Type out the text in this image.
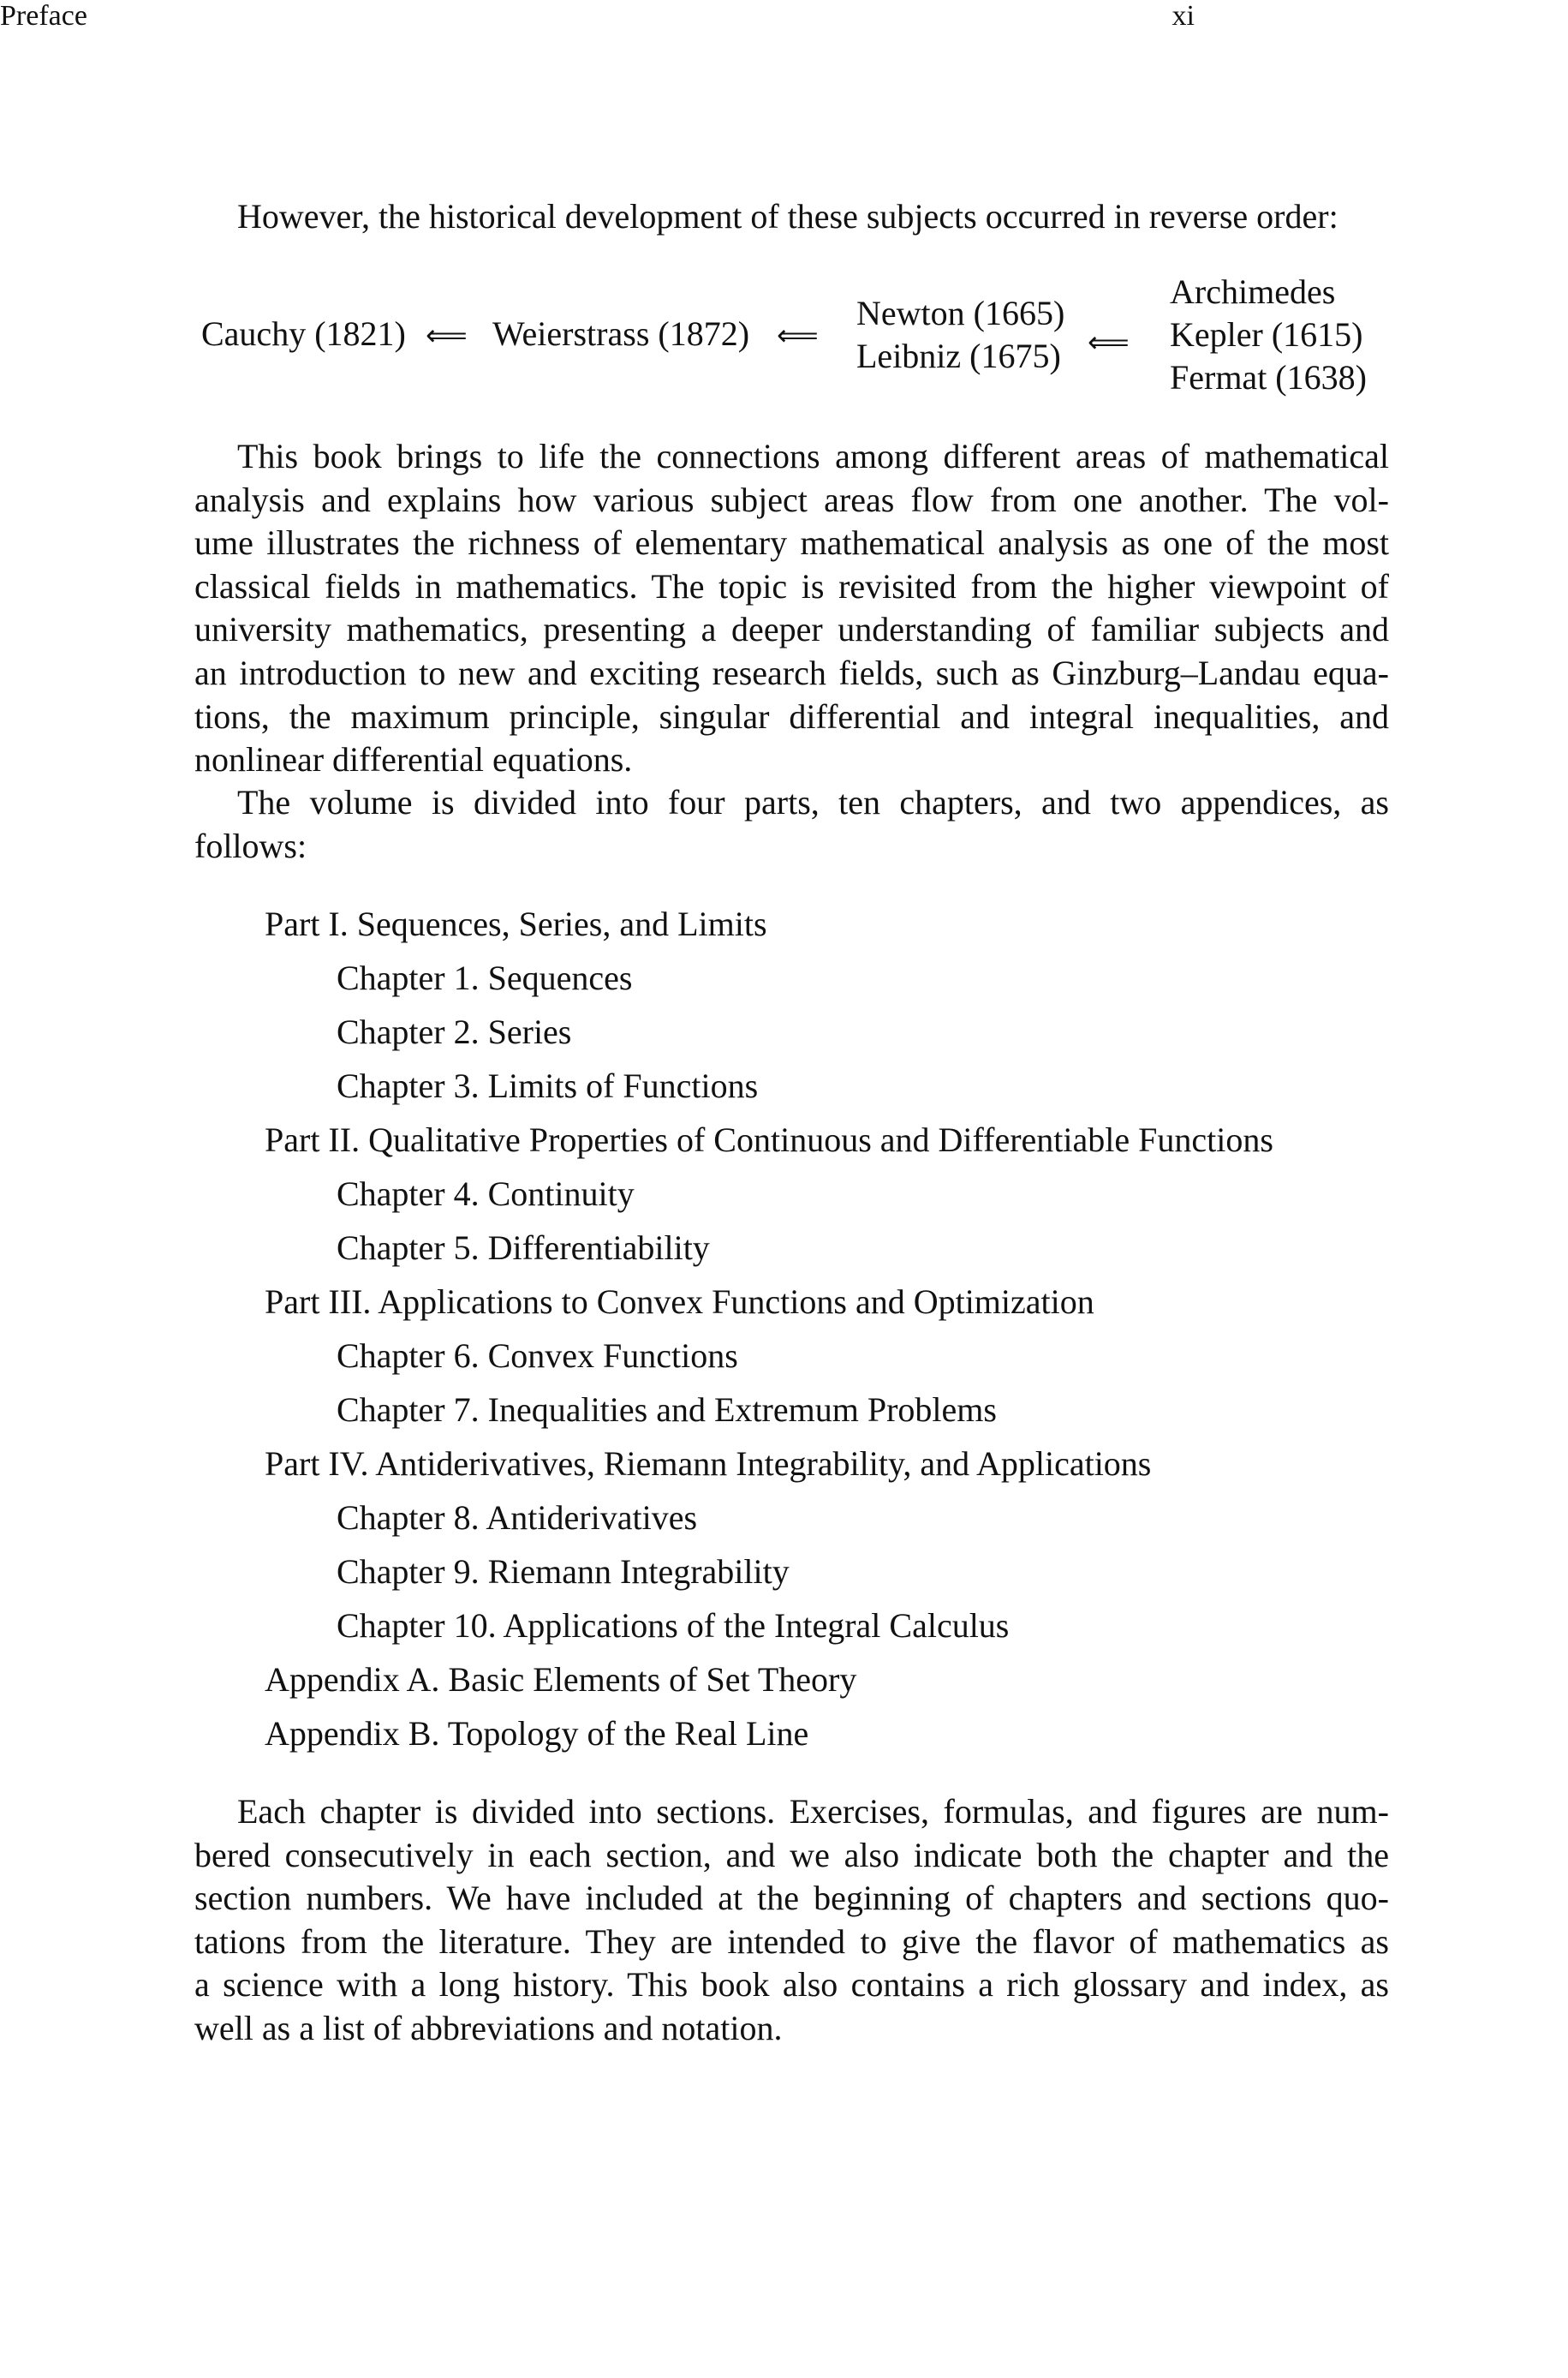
Preface	xi
However, the historical development of these subjects occurred in reverse order:
Cauchy (1821) ⟸ Weierstrass (1872) ⟸
Newton (1665)
Leibniz (1675) ⟸
Archimedes
Kepler (1615)
Fermat (1638)
This book brings to life the connections among different areas of mathematical
analysis and explains how various subject areas flow from one another. The vol-
ume illustrates the richness of elementary mathematical analysis as one of the most
classical fields in mathematics. The topic is revisited from the higher viewpoint of
university mathematics, presenting a deeper understanding of familiar subjects and
an introduction to new and exciting research fields, such as Ginzburg–Landau equa-
tions, the maximum principle, singular differential and integral inequalities, and
nonlinear differential equations.
The volume is divided into four parts, ten chapters, and two appendices, as
follows:
Part I. Sequences, Series, and Limits
Chapter 1. Sequences
Chapter 2. Series
Chapter 3. Limits of Functions
Part II. Qualitative Properties of Continuous and Differentiable Functions
Chapter 4. Continuity
Chapter 5. Differentiability
Part III. Applications to Convex Functions and Optimization
Chapter 6. Convex Functions
Chapter 7. Inequalities and Extremum Problems
Part IV. Antiderivatives, Riemann Integrability, and Applications
Chapter 8. Antiderivatives
Chapter 9. Riemann Integrability
Chapter 10. Applications of the Integral Calculus
Appendix A. Basic Elements of Set Theory
Appendix B. Topology of the Real Line
Each chapter is divided into sections. Exercises, formulas, and figures are num-
bered consecutively in each section, and we also indicate both the chapter and the
section numbers. We have included at the beginning of chapters and sections quo-
tations from the literature. They are intended to give the flavor of mathematics as
a science with a long history. This book also contains a rich glossary and index, as
well as a list of abbreviations and notation.
